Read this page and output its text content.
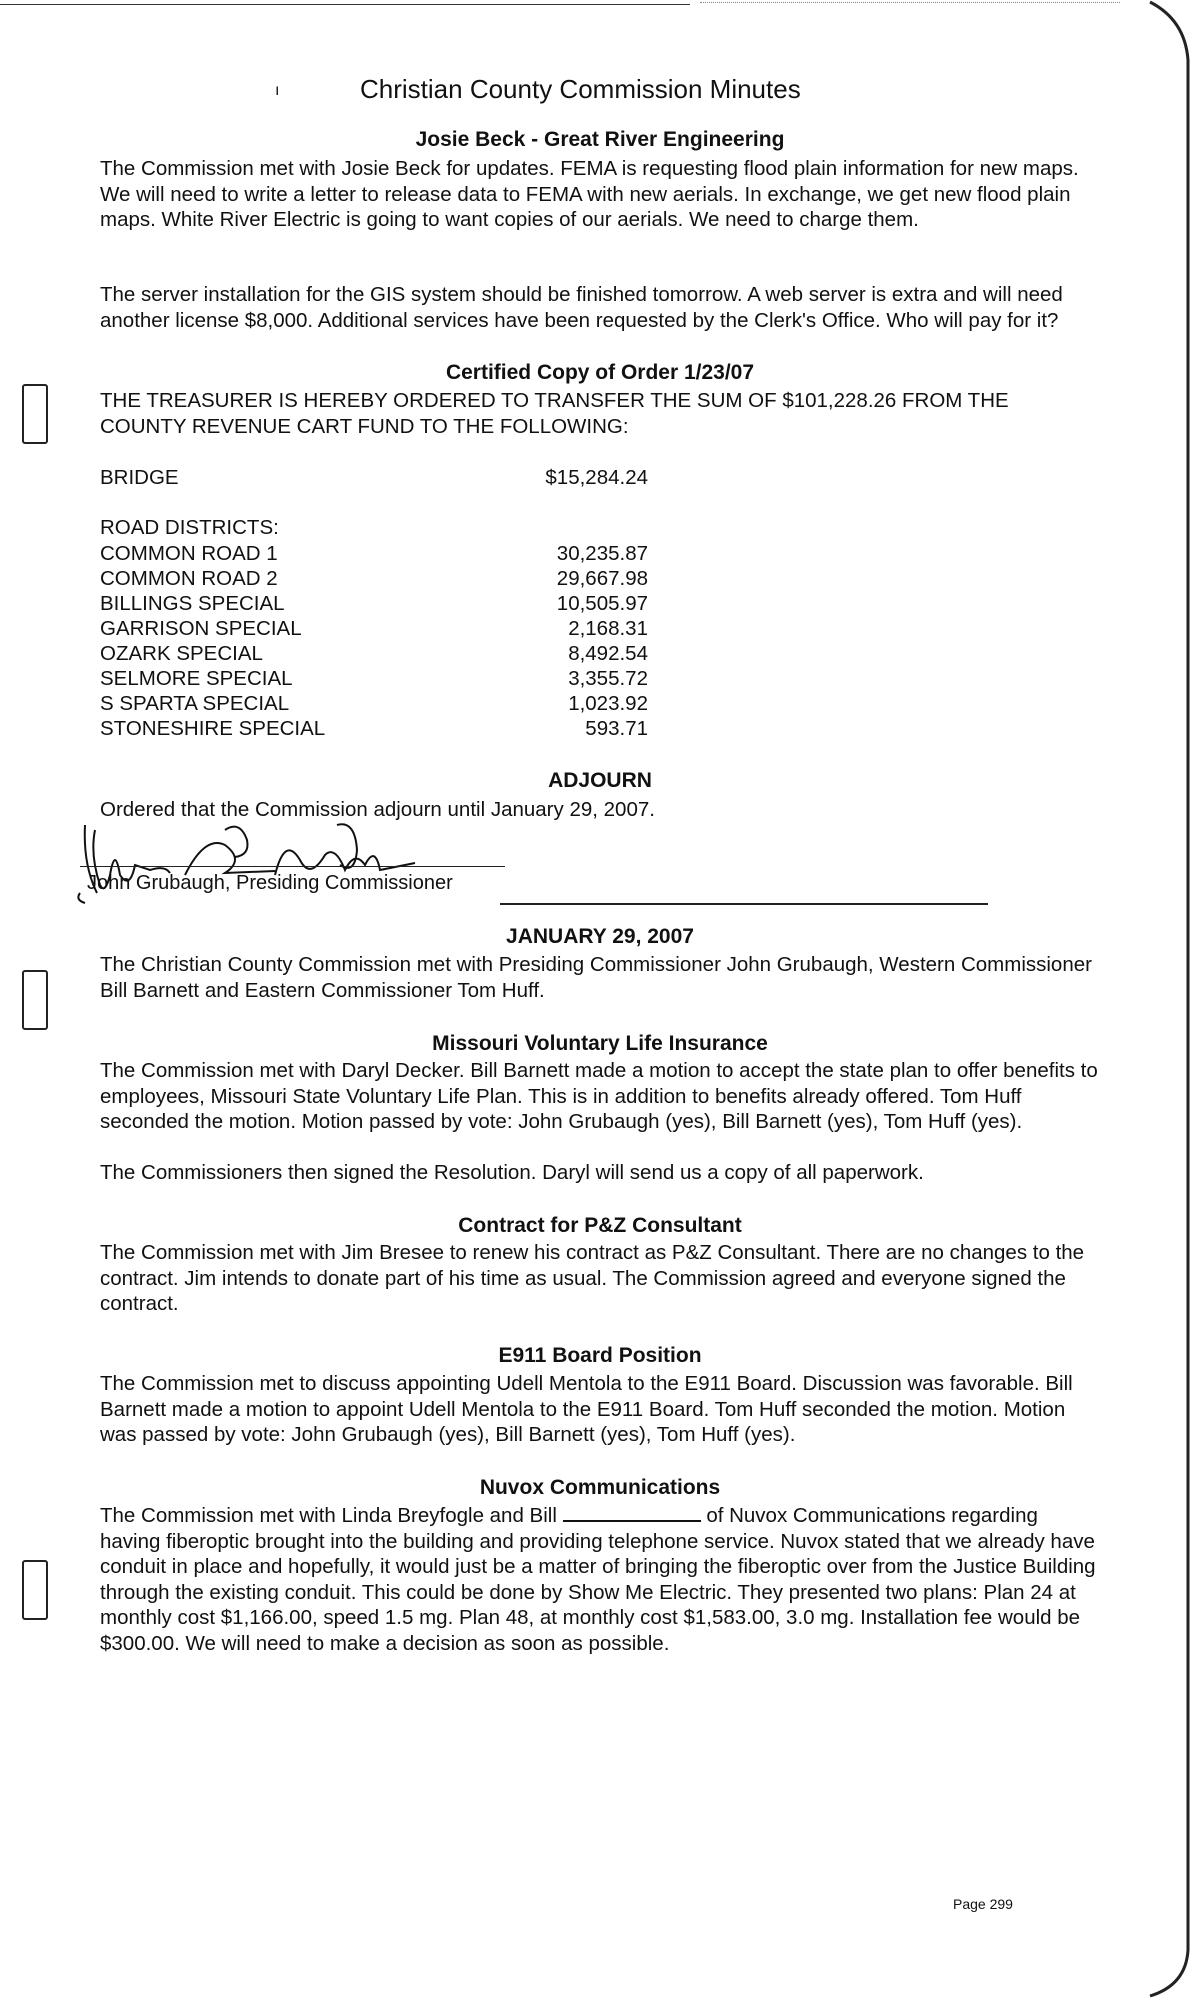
ı	Christian County Commission Minutes
Josie Beck - Great River Engineering
The Commission met with Josie Beck for updates. FEMA is requesting flood plain information for new maps. We will need to write a letter to release data to FEMA with new aerials. In exchange, we get new flood plain maps. White River Electric is going to want copies of our aerials. We need to charge them.
The server installation for the GIS system should be finished tomorrow. A web server is extra and will need another license $8,000. Additional services have been requested by the Clerk's Office. Who will pay for it?
Certified Copy of Order 1/23/07
THE TREASURER IS HEREBY ORDERED TO TRANSFER THE SUM OF $101,228.26 FROM THE COUNTY REVENUE CART FUND TO THE FOLLOWING:
BRIDGE	$15,284.24
ROAD DISTRICTS:
COMMON ROAD 1	30,235.87
COMMON ROAD 2	29,667.98
BILLINGS SPECIAL	10,505.97
GARRISON SPECIAL	2,168.31
OZARK SPECIAL	8,492.54
SELMORE SPECIAL	3,355.72
S SPARTA SPECIAL	1,023.92
STONESHIRE SPECIAL	593.71
ADJOURN
Ordered that the Commission adjourn until January 29, 2007.
John Grubaugh, Presiding Commissioner
JANUARY 29, 2007
The Christian County Commission met with Presiding Commissioner John Grubaugh, Western Commissioner Bill Barnett and Eastern Commissioner Tom Huff.
Missouri Voluntary Life Insurance
The Commission met with Daryl Decker. Bill Barnett made a motion to accept the state plan to offer benefits to employees, Missouri State Voluntary Life Plan. This is in addition to benefits already offered. Tom Huff seconded the motion. Motion passed by vote: John Grubaugh (yes), Bill Barnett (yes), Tom Huff (yes).
The Commissioners then signed the Resolution. Daryl will send us a copy of all paperwork.
Contract for P&Z Consultant
The Commission met with Jim Bresee to renew his contract as P&Z Consultant. There are no changes to the contract. Jim intends to donate part of his time as usual. The Commission agreed and everyone signed the contract.
E911 Board Position
The Commission met to discuss appointing Udell Mentola to the E911 Board. Discussion was favorable. Bill Barnett made a motion to appoint Udell Mentola to the E911 Board. Tom Huff seconded the motion. Motion was passed by vote: John Grubaugh (yes), Bill Barnett (yes), Tom Huff (yes).
Nuvox Communications
The Commission met with Linda Breyfogle and Bill	of Nuvox Communications regarding having fiberoptic brought into the building and providing telephone service. Nuvox stated that we already have conduit in place and hopefully, it would just be a matter of bringing the fiberoptic over from the Justice Building through the existing conduit. This could be done by Show Me Electric. They presented two plans: Plan 24 at monthly cost $1,166.00, speed 1.5 mg. Plan 48, at monthly cost $1,583.00, 3.0 mg. Installation fee would be $300.00. We will need to make a decision as soon as possible.
Page 299
